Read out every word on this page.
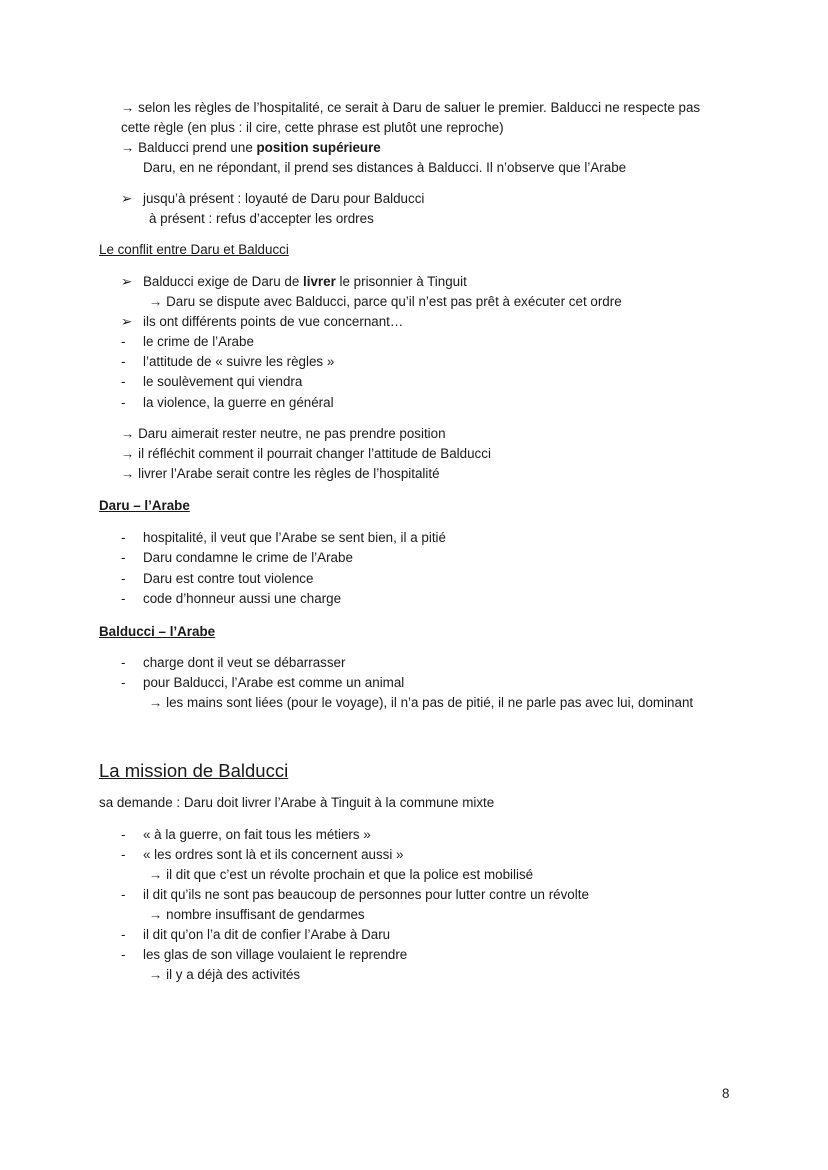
→ selon les règles de l’hospitalité, ce serait à Daru de saluer le premier. Balducci ne respecte pas
cette règle (en plus : il cire, cette phrase est plutôt une reproche)
→ Balducci prend une position supérieure
Daru, en ne répondant, il prend ses distances à Balducci. Il n’observe que l’Arabe
➢ jusqu’à présent : loyauté de Daru pour Balducci
à présent : refus d’accepter les ordres
Le conflit entre Daru et Balducci
➢ Balducci exige de Daru de livrer le prisonnier à Tinguit
→ Daru se dispute avec Balducci, parce qu’il n’est pas prêt à exécuter cet ordre
➢ ils ont différents points de vue concernant…
- le crime de l’Arabe
- l’attitude de « suivre les règles »
- le soulèvement qui viendra
- la violence, la guerre en général
→ Daru aimerait rester neutre, ne pas prendre position
→ il réfléchit comment il pourrait changer l’attitude de Balducci
→ livrer l’Arabe serait contre les règles de l’hospitalité
Daru – l’Arabe
- hospitalité, il veut que l’Arabe se sent bien, il a pitié
- Daru condamne le crime de l’Arabe
- Daru est contre tout violence
- code d’honneur aussi une charge
Balducci – l’Arabe
- charge dont il veut se débarrasser
- pour Balducci, l’Arabe est comme un animal
→ les mains sont liées (pour le voyage), il n’a pas de pitié, il ne parle pas avec lui, dominant
La mission de Balducci
sa demande : Daru doit livrer l’Arabe à Tinguit à la commune mixte
- « à la guerre, on fait tous les métiers »
- « les ordres sont là et ils concernent aussi »
→ il dit que c’est un révolte prochain et que la police est mobilisé
- il dit qu’ils ne sont pas beaucoup de personnes pour lutter contre un révolte
→ nombre insuffisant de gendarmes
- il dit qu’on l’a dit de confier l’Arabe à Daru
- les glas de son village voulaient le reprendre
→ il y a déjà des activités
8
